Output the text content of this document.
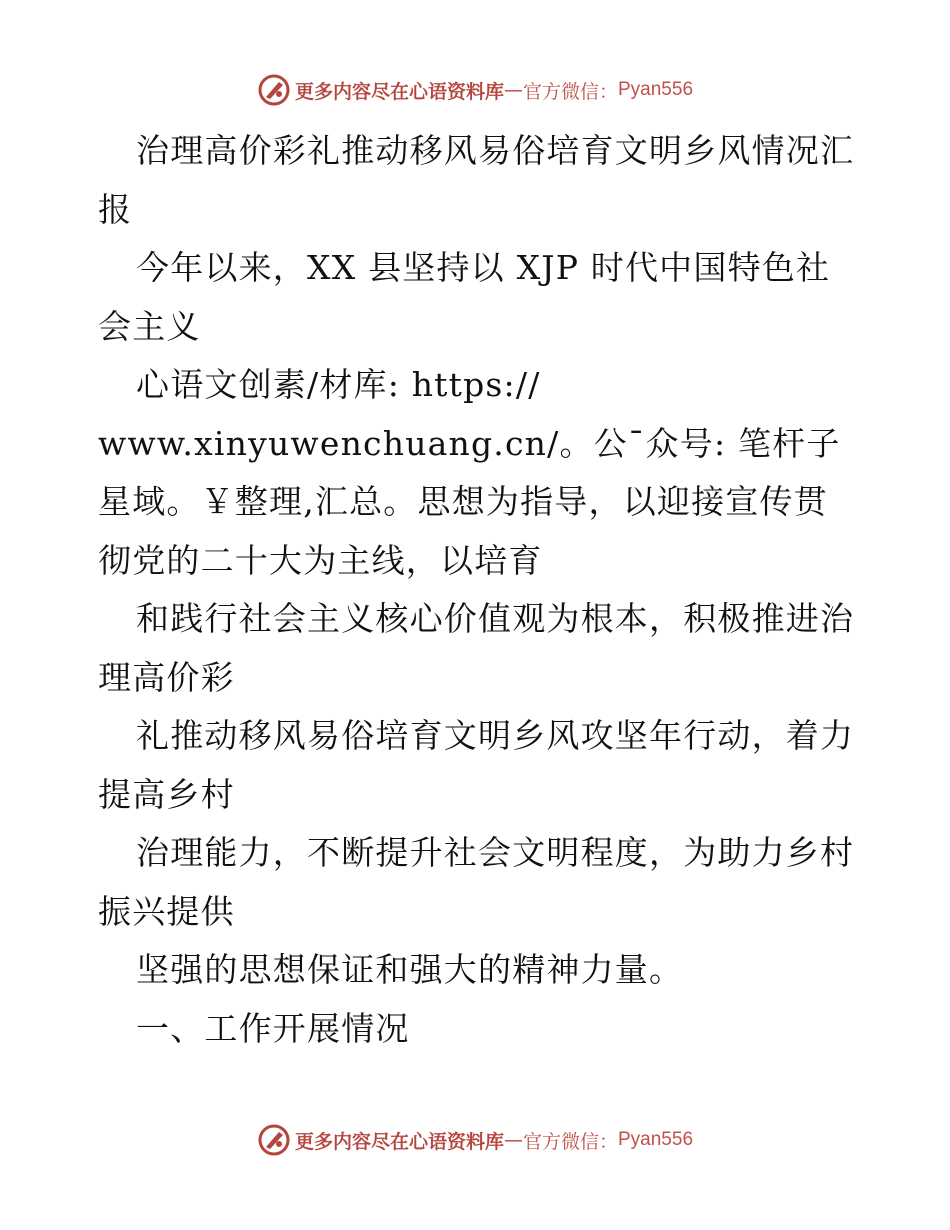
更多内容尽在心语资料库 — 官方微信： Pyan556

治理高价彩礼推动移风易俗培育文明乡风情况汇报

今年以来，XX 县坚持以 XJP 时代中国特色社会主义

心语文创素/材库: https://

www.xinyuwenchuang.cn/。公¯众号: 笔杆子星域。￥整理,汇总。思想为指导，以迎接宣传贯彻党的二十大为主线，以培育

和践行社会主义核心价值观为根本，积极推进治理高价彩

礼推动移风易俗培育文明乡风攻坚年行动，着力提高乡村

治理能力，不断提升社会文明程度，为助力乡村振兴提供

坚强的思想保证和强大的精神力量。

一、工作开展情况

更多内容尽在心语资料库 — 官方微信： Pyan556
